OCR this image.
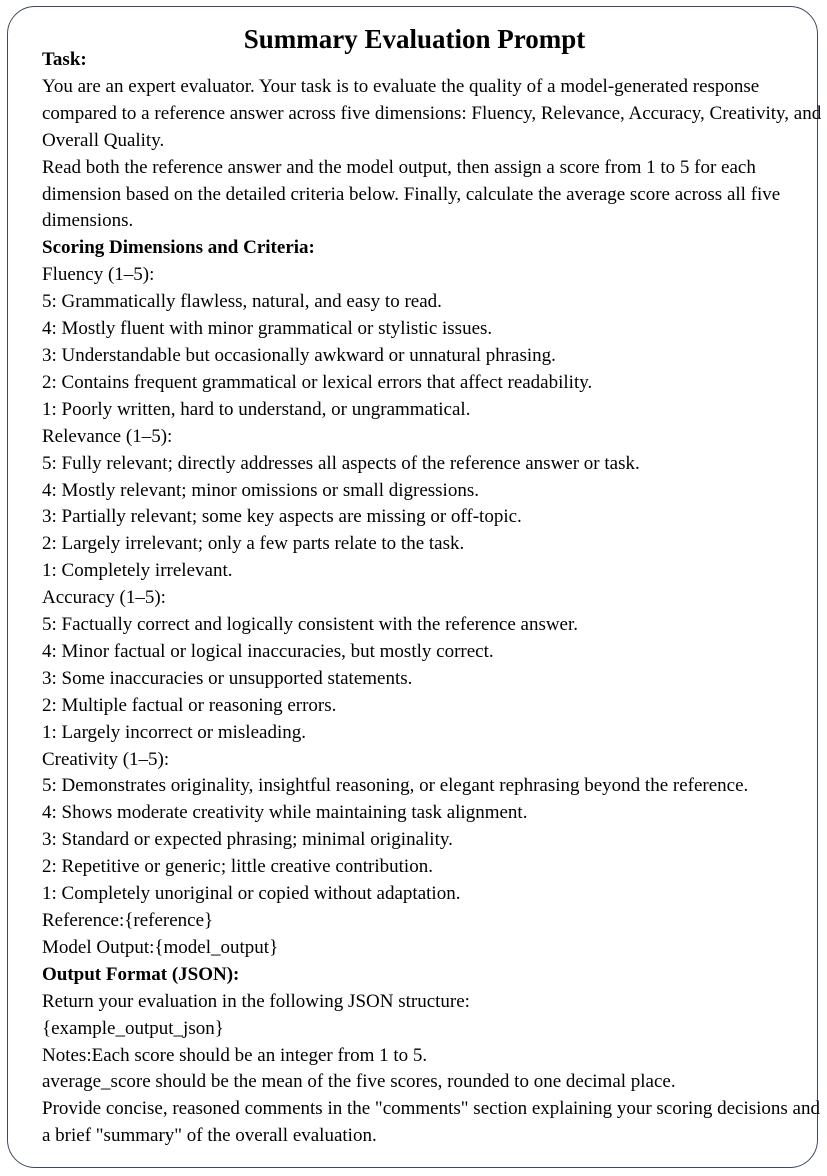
Summary Evaluation Prompt
Task:

You are an expert evaluator. Your task is to evaluate the quality of a model-generated response compared to a reference answer across five dimensions: Fluency, Relevance, Accuracy, Creativity, and Overall Quality.

Read both the reference answer and the model output, then assign a score from 1 to 5 for each dimension based on the detailed criteria below. Finally, calculate the average score across all five dimensions.

Scoring Dimensions and Criteria:

Fluency (1–5):

5: Grammatically flawless, natural, and easy to read.

4: Mostly fluent with minor grammatical or stylistic issues.

3: Understandable but occasionally awkward or unnatural phrasing.

2: Contains frequent grammatical or lexical errors that affect readability.

1: Poorly written, hard to understand, or ungrammatical.

Relevance (1–5):

5: Fully relevant; directly addresses all aspects of the reference answer or task.

4: Mostly relevant; minor omissions or small digressions.

3: Partially relevant; some key aspects are missing or off-topic.

2: Largely irrelevant; only a few parts relate to the task.

1: Completely irrelevant.

Accuracy (1–5):

5: Factually correct and logically consistent with the reference answer.

4: Minor factual or logical inaccuracies, but mostly correct.

3: Some inaccuracies or unsupported statements.

2: Multiple factual or reasoning errors.

1: Largely incorrect or misleading.

Creativity (1–5):

5: Demonstrates originality, insightful reasoning, or elegant rephrasing beyond the reference.

4: Shows moderate creativity while maintaining task alignment.

3: Standard or expected phrasing; minimal originality.

2: Repetitive or generic; little creative contribution.

1: Completely unoriginal or copied without adaptation.

Reference:{reference}

Model Output:{model_output}

Output Format (JSON):

Return your evaluation in the following JSON structure:

{example_output_json}

Notes:Each score should be an integer from 1 to 5.

average_score should be the mean of the five scores, rounded to one decimal place.

Provide concise, reasoned comments in the "comments" section explaining your scoring decisions and a brief "summary" of the overall evaluation.
